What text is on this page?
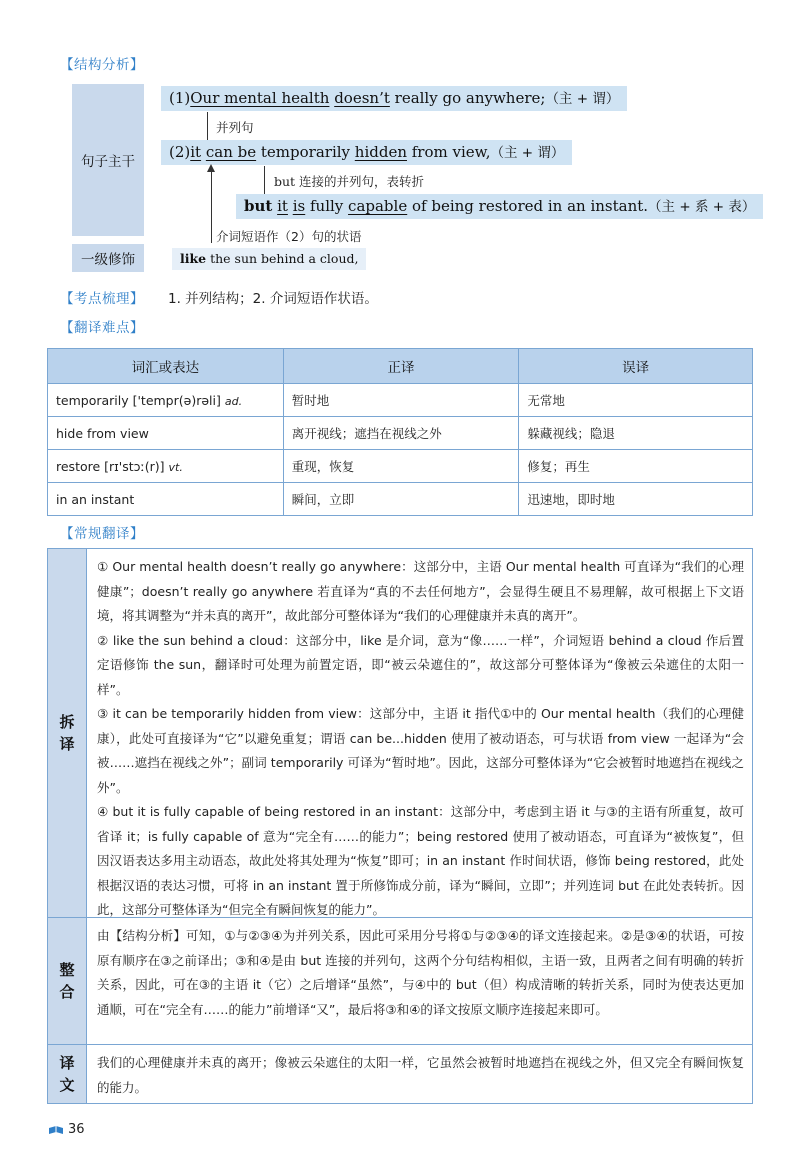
【结构分析】
句子主干
一级修饰
(1)Our mental health doesn’t really go anywhere;（主 + 谓）
并列句
(2)it can be temporarily hidden from view,（主 + 谓）
but 连接的并列句，表转折
but it is fully capable of being restored in an instant.（主 + 系 + 表）
介词短语作（2）句的状语
like the sun behind a cloud,
【考点梳理】 1. 并列结构；2. 介词短语作状语。
【翻译难点】
词汇或表达	正译	误译
temporarily ['tempr(ə)rəli] ad.	暂时地	无常地
hide from view	离开视线；遮挡在视线之外	躲藏视线；隐退
restore [rɪ'stɔː(r)] vt.	重现，恢复	修复；再生
in an instant	瞬间，立即	迅速地，即时地
【常规翻译】
拆
译

① Our mental health doesn’t really go anywhere：这部分中，主语 Our mental health 可直译为“我们的心理健康”；doesn’t really go anywhere 若直译为“真的不去任何地方”，会显得生硬且不易理解，故可根据上下文语境，将其调整为“并未真的离开”，故此部分可整体译为“我们的心理健康并未真的离开”。

② like the sun behind a cloud：这部分中，like 是介词，意为“像……一样”，介词短语 behind a cloud 作后置定语修饰 the sun，翻译时可处理为前置定语，即“被云朵遮住的”，故这部分可整体译为“像被云朵遮住的太阳一样”。

③ it can be temporarily hidden from view：这部分中，主语 it 指代①中的 Our mental health（我们的心理健康），此处可直接译为“它”以避免重复；谓语 can be...hidden 使用了被动语态，可与状语 from view 一起译为“会被……遮挡在视线之外”；副词 temporarily 可译为“暂时地”。因此，这部分可整体译为“它会被暂时地遮挡在视线之外”。

④ but it is fully capable of being restored in an instant：这部分中，考虑到主语 it 与③的主语有所重复，故可省译 it；is fully capable of 意为“完全有……的能力”；being restored 使用了被动语态，可直译为“被恢复”，但因汉语表达多用主动语态，故此处将其处理为“恢复”即可；in an instant 作时间状语，修饰 being restored，此处根据汉语的表达习惯，可将 in an instant 置于所修饰成分前，译为“瞬间，立即”；并列连词 but 在此处表转折。因此，这部分可整体译为“但完全有瞬间恢复的能力”。

整
合

由【结构分析】可知，①与②③④为并列关系，因此可采用分号将①与②③④的译文连接起来。②是③④的状语，可按原有顺序在③之前译出；③和④是由 but 连接的并列句，这两个分句结构相似，主语一致，且两者之间有明确的转折关系，因此，可在③的主语 it（它）之后增译“虽然”，与④中的 but（但）构成清晰的转折关系，同时为使表达更加通顺，可在“完全有……的能力”前增译“又”，最后将③和④的译文按原文顺序连接起来即可。

译
文

我们的心理健康并未真的离开；像被云朵遮住的太阳一样，它虽然会被暂时地遮挡在视线之外，但又完全有瞬间恢复的能力。

36
